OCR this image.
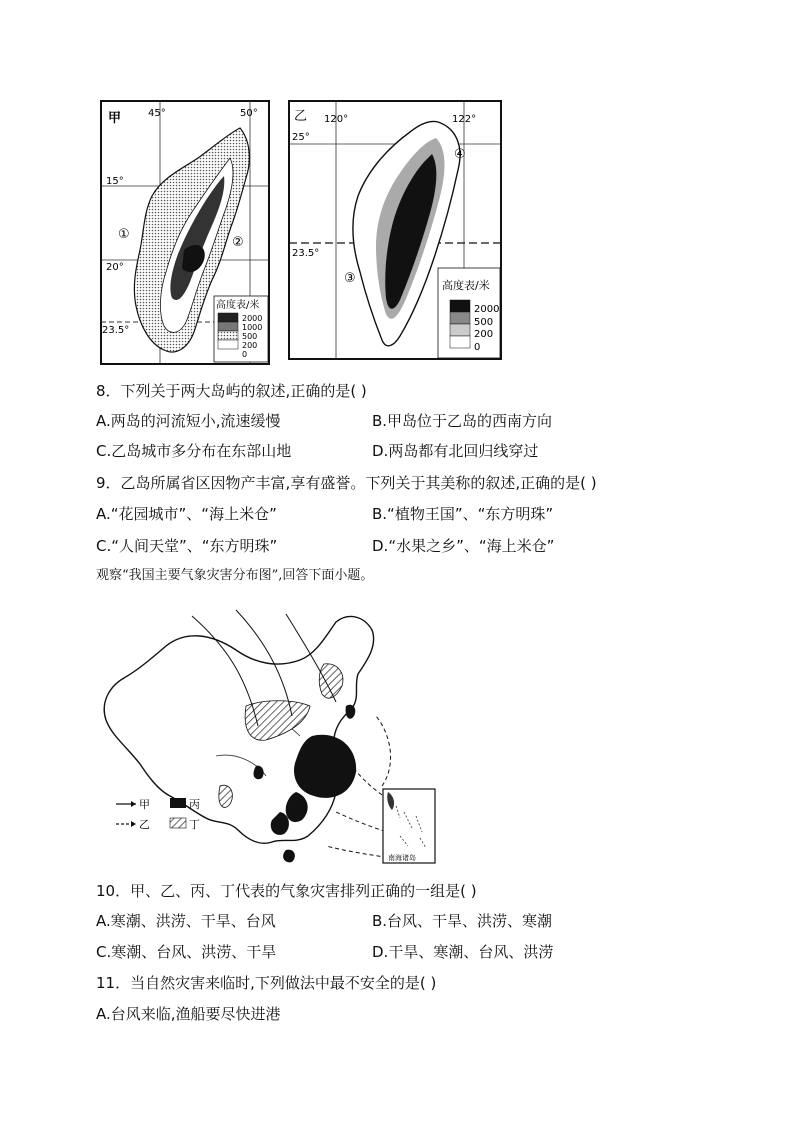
甲	45°	50°
15°
20°
23.5°
①
②
高度表/米
2000
1000
500
200
0
乙 120°	122°
25°
23.5°
③
④
高度表/米
2000
500
200
0
8．下列关于两大岛屿的叙述,正确的是( )
A.两岛的河流短小,流速缓慢	B.甲岛位于乙岛的西南方向
C.乙岛城市多分布在东部山地	D.两岛都有北回归线穿过
9．乙岛所属省区因物产丰富,享有盛誉。下列关于其美称的叙述,正确的是( )
A.“花园城市”、“海上米仓”	B.“植物王国”、“东方明珠”
C.“人间天堂”、“东方明珠”	D.“水果之乡”、“海上米仓”
观察“我国主要气象灾害分布图”,回答下面小题。
甲	丙
乙	丁
南海诸岛
10．甲、乙、丙、丁代表的气象灾害排列正确的一组是( )
A.寒潮、洪涝、干旱、台风	B.台风、干旱、洪涝、寒潮
C.寒潮、台风、洪涝、干旱	D.干旱、寒潮、台风、洪涝
11．当自然灾害来临时,下列做法中最不安全的是( )
A.台风来临,渔船要尽快进港
